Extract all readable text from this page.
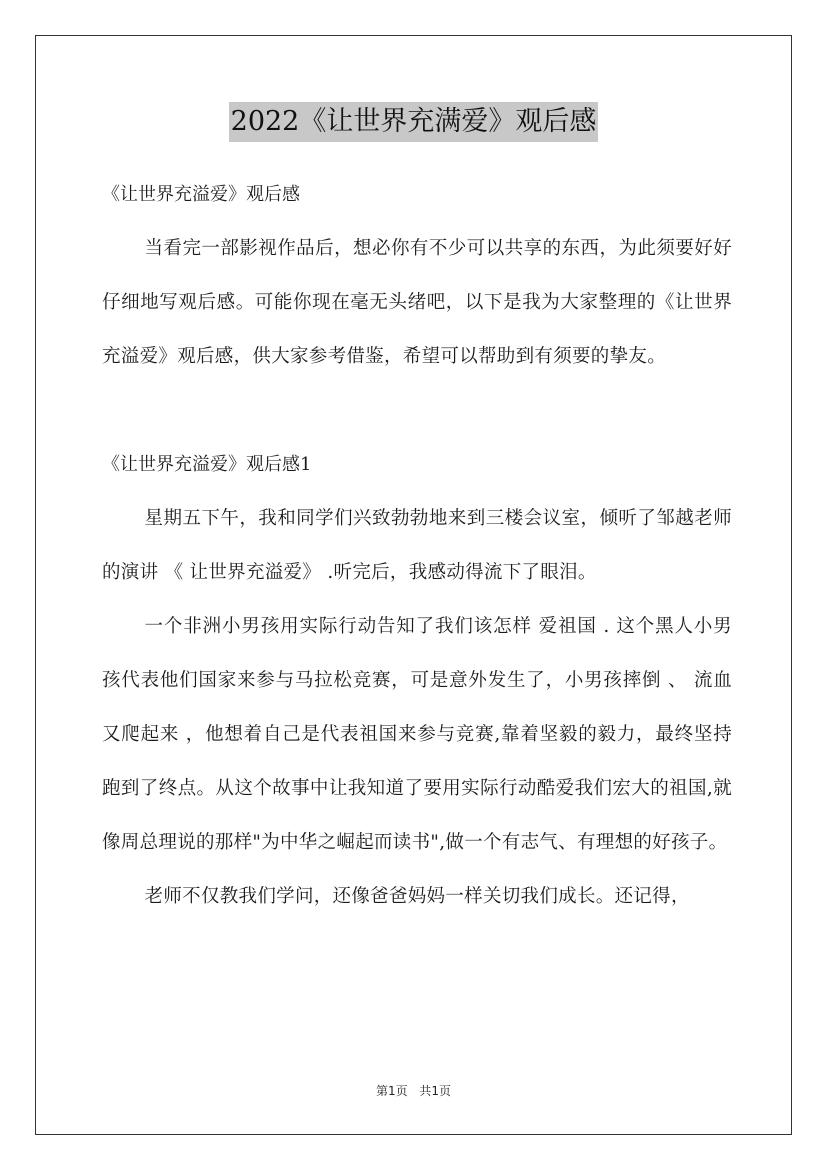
2022《让世界充满爱》观后感

《让世界充溢爱》观后感

当看完一部影视作品后，想必你有不少可以共享的东西，为此须要好好仔细地写观后感。可能你现在毫无头绪吧，以下是我为大家整理的《让世界充溢爱》观后感，供大家参考借鉴，希望可以帮助到有须要的挚友。

《让世界充溢爱》观后感1

星期五下午，我和同学们兴致勃勃地来到三楼会议室，倾听了邹越老师的演讲 《 让世界充溢爱》 .听完后，我感动得流下了眼泪。

一个非洲小男孩用实际行动告知了我们该怎样 爱祖国 . 这个黑人小男孩代表他们国家来参与马拉松竞赛，可是意外发生了，小男孩摔倒 、 流血又爬起来 ，他想着自己是代表祖国来参与竞赛,靠着坚毅的毅力，最终坚持跑到了终点。从这个故事中让我知道了要用实际行动酷爱我们宏大的祖国,就像周总理说的那样"为中华之崛起而读书",做一个有志气、有理想的好孩子。

老师不仅教我们学问，还像爸爸妈妈一样关切我们成长。还记得，

第1页 共1页
